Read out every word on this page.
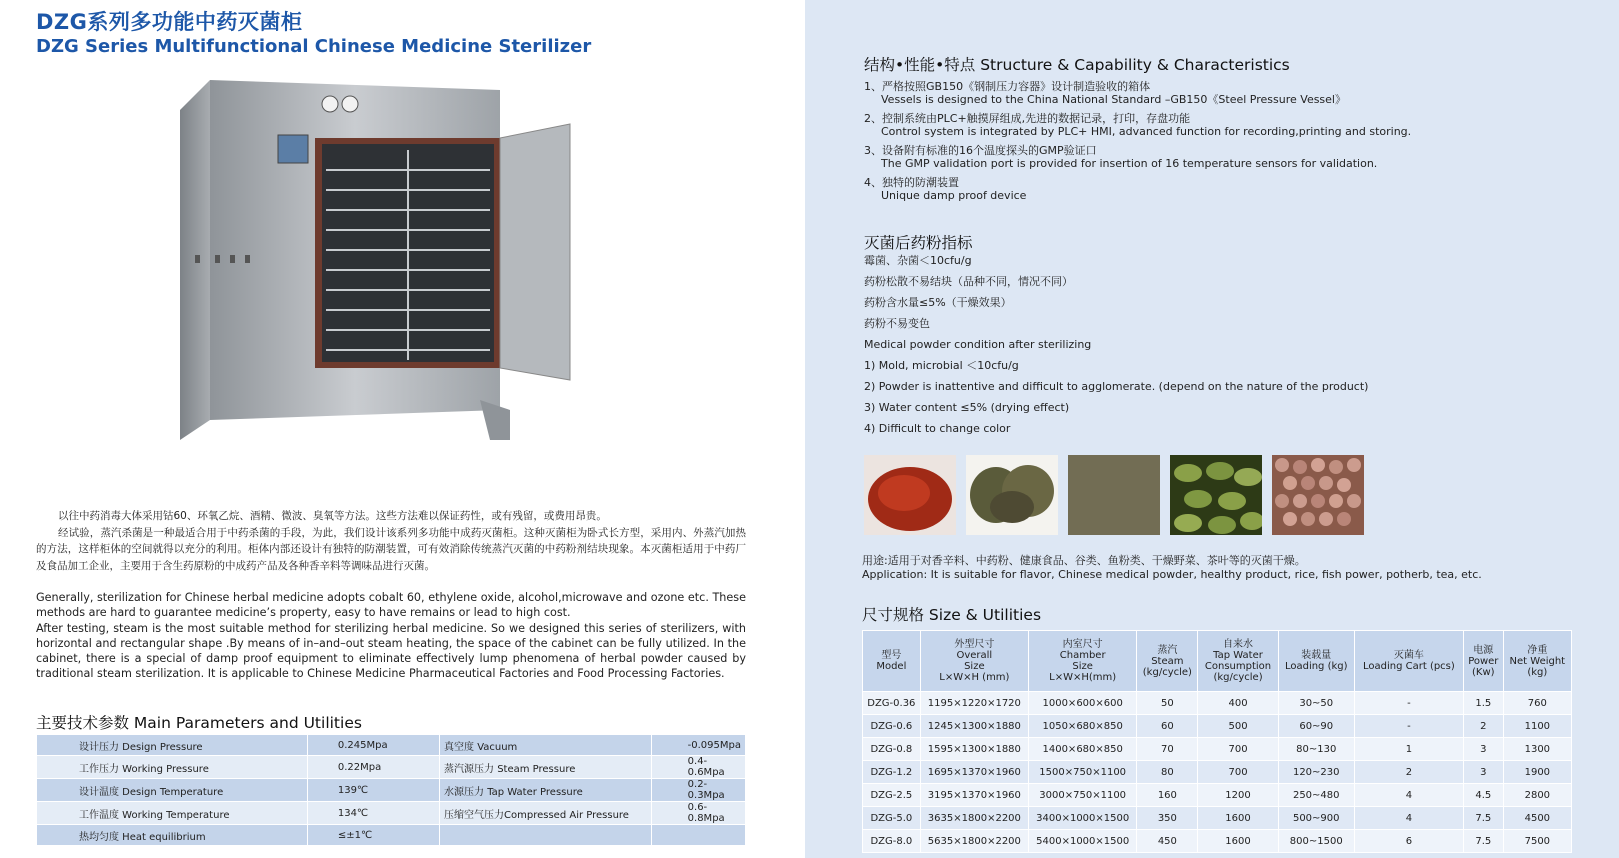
DZG系列多功能中药灭菌柜
DZG Series Multifunctional Chinese Medicine Sterilizer

以往中药消毒大体采用钴60、环氧乙烷、酒精、微波、臭氧等方法。这些方法难以保证药性，或有残留，或费用昂贵。

经试验，蒸汽杀菌是一种最适合用于中药杀菌的手段，为此，我们设计该系列多功能中成药灭菌柜。这种灭菌柜为卧式长方型，采用内、外蒸汽加热的方法，这样柜体的空间就得以充分的利用。柜体内部还设计有独特的防潮装置，可有效消除传统蒸汽灭菌的中药粉剂结块现象。本灭菌柜适用于中药厂及食品加工企业，主要用于含生药原粉的中成药产品及各种香辛料等调味品进行灭菌。

Generally, sterilization for Chinese herbal medicine adopts cobalt 60, ethylene oxide, alcohol,microwave and ozone etc. These methods are hard to guarantee medicine’s property, easy to have remains or lead to high cost.

After testing, steam is the most suitable method for sterilizing herbal medicine. So we designed this series of sterilizers, with horizontal and rectangular shape .By means of in–and–out steam heating, the space of the cabinet can be fully utilized. In the cabinet, there is a special of damp proof equipment to eliminate effectively lump phenomena of herbal powder caused by traditional steam sterilization. It is applicable to Chinese Medicine Pharmaceutical Factories and Food Processing Factories.

主要技术参数 Main Parameters and Utilities
设计压力 Design Pressure	0.245Mpa	真空度 Vacuum	-0.095Mpa
工作压力 Working Pressure	0.22Mpa	蒸汽源压力 Steam Pressure	0.4-0.6Mpa
设计温度 Design Temperature	139℃	水源压力 Tap Water Pressure	0.2-0.3Mpa
工作温度 Working Temperature	134℃	压缩空气压力Compressed Air Pressure	0.6-0.8Mpa
热均匀度 Heat equilibrium	≤±1℃		
结构•性能•特点 Structure & Capability & Characteristics
1、严格按照GB150《钢制压力容器》设计制造验收的箱体
Vessels is designed to the China National Standard –GB150《Steel Pressure Vessel》
2、控制系统由PLC+触摸屏组成,先进的数据记录，打印，存盘功能
Control system is integrated by PLC+ HMI, advanced function for recording,printing and storing.
3、设备附有标准的16个温度探头的GMP验证口
The GMP validation port is provided for insertion of 16 temperature sensors for validation.
4、独特的防潮装置
Unique damp proof device
灭菌后药粉指标
霉菌、杂菌＜10cfu/g
药粉松散不易结块（品种不同，情况不同）
药粉含水量≤5%（干燥效果）
药粉不易变色
Medical powder condition after sterilizing
1) Mold, microbial ＜10cfu/g
2) Powder is inattentive and difficult to agglomerate. (depend on the nature of the product)
3) Water content ≤5% (drying effect)
4) Difficult to change color
用途:适用于对香辛料、中药粉、健康食品、谷类、鱼粉类、干燥野菜、茶叶等的灭菌干燥。
Application: It is suitable for flavor, Chinese medical powder, healthy product, rice, fish power, potherb, tea, etc.
尺寸规格 Size & Utilities
型号
Model	外型尺寸
Overall
Size
L×W×H (mm)	内室尺寸
Chamber
Size
L×W×H(mm)	蒸汽
Steam
(kg/cycle)	自来水
Tap Water
Consumption
(kg/cycle)	装载量
Loading (kg)	灭菌车
Loading Cart (pcs)	电源
Power
(Kw)	净重
Net Weight
(kg)

DZG-0.36	1195×1220×1720	1000×600×600	50	400	30~50	-	1.5	760
DZG-0.6	1245×1300×1880	1050×680×850	60	500	60~90	-	2	1100
DZG-0.8	1595×1300×1880	1400×680×850	70	700	80~130	1	3	1300
DZG-1.2	1695×1370×1960	1500×750×1100	80	700	120~230	2	3	1900
DZG-2.5	3195×1370×1960	3000×750×1100	160	1200	250~480	4	4.5	2800
DZG-5.0	3635×1800×2200	3400×1000×1500	350	1600	500~900	4	7.5	4500
DZG-8.0	5635×1800×2200	5400×1000×1500	450	1600	800~1500	6	7.5	7500
